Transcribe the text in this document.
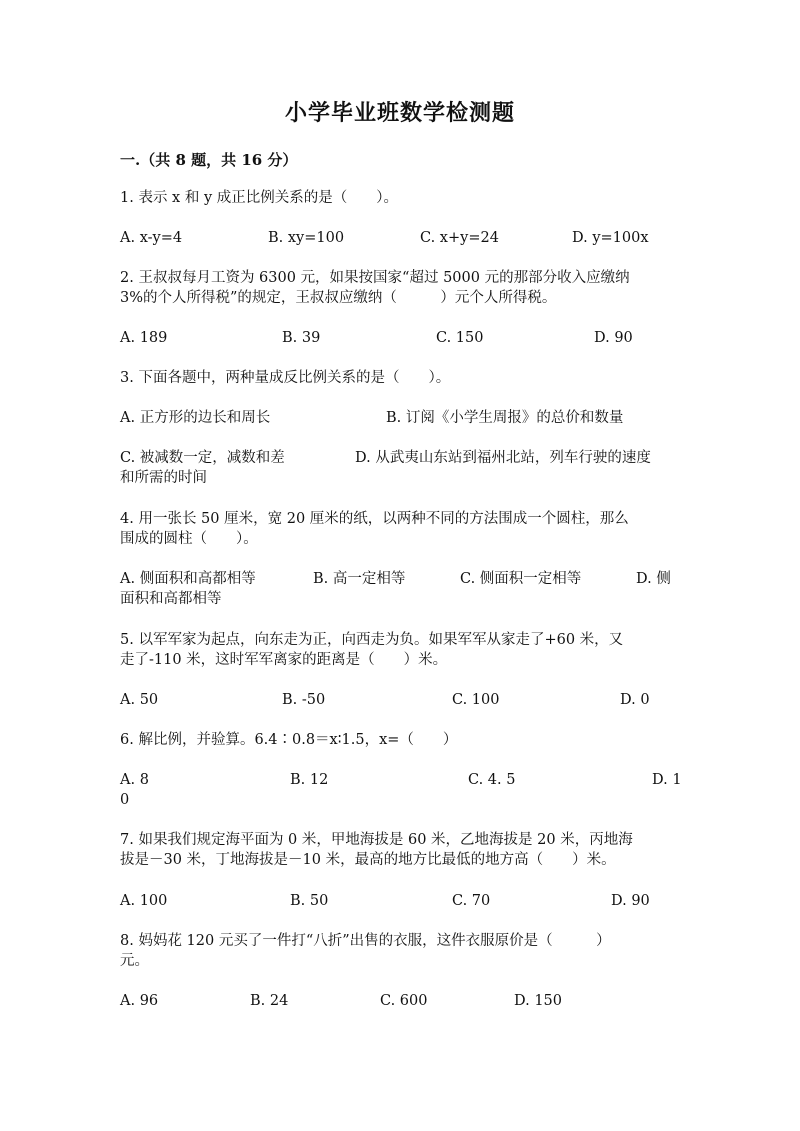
小学毕业班数学检测题
一.（共 8 题，共 16 分）
1. 表示 x 和 y 成正比例关系的是（　　）。
A. x-y=4	B. xy=100	C. x+y=24	D. y=100x
2. 王叔叔每月工资为 6300 元，如果按国家“超过 5000 元的那部分收入应缴纳
3%的个人所得税”的规定，王叔叔应缴纳（　　　）元个人所得税。
A. 189	B. 39	C. 150	D. 90
3. 下面各题中，两种量成反比例关系的是（　　）。
A. 正方形的边长和周长	B. 订阅《小学生周报》的总价和数量
C. 被减数一定，减数和差	D. 从武夷山东站到福州北站，列车行驶的速度
和所需的时间
4. 用一张长 50 厘米，宽 20 厘米的纸，以两种不同的方法围成一个圆柱，那么
围成的圆柱（　　）。
A. 侧面积和高都相等	B. 高一定相等	C. 侧面积一定相等	D. 侧
面积和高都相等
5. 以军军家为起点，向东走为正，向西走为负。如果军军从家走了+60 米，又
走了-110 米，这时军军离家的距离是（　　）米。
A. 50	B. -50	C. 100	D. 0
6. 解比例，并验算。6.4∶0.8＝x∶1.5，x=（　　）
A. 8	B. 12	C. 4. 5	D. 1
0
7. 如果我们规定海平面为 0 米，甲地海拔是 60 米，乙地海拔是 20 米，丙地海
拔是－30 米，丁地海拔是－10 米，最高的地方比最低的地方高（　　）米。
A. 100	B. 50	C. 70	D. 90
8. 妈妈花 120 元买了一件打“八折”出售的衣服，这件衣服原价是（　　　）
元。
A. 96	B. 24	C. 600	D. 150
